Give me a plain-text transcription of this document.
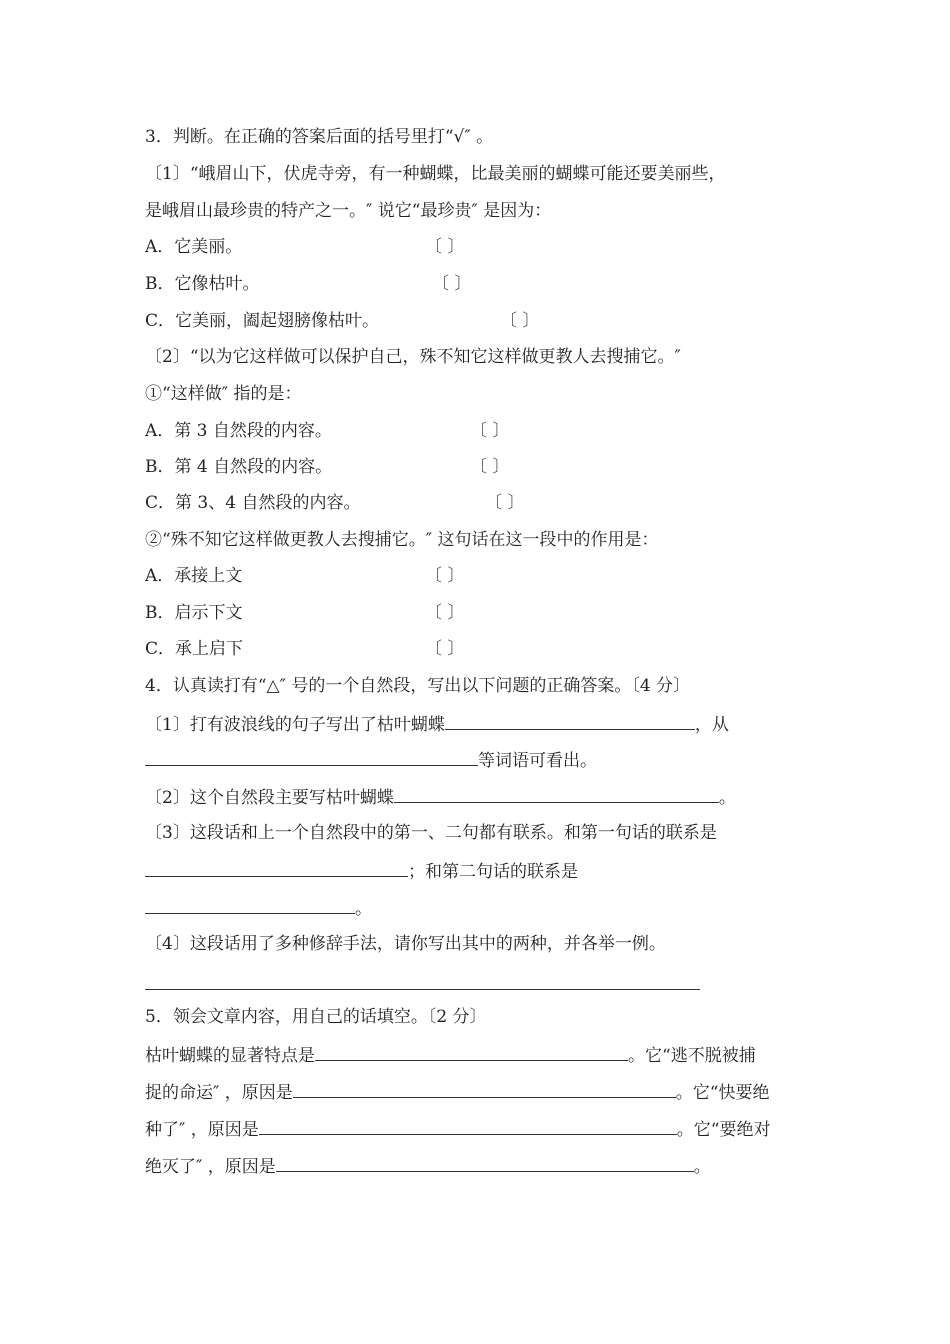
3．判断。在正确的答案后面的括号里打“√″ 。
〔1〕“峨眉山下，伏虎寺旁，有一种蝴蝶，比最美丽的蝴蝶可能还要美丽些，
是峨眉山最珍贵的特产之一。″ 说它“最珍贵″ 是因为：
A．它美丽。	〔 〕
B．它像枯叶。	〔 〕
C．它美丽，阖起翅膀像枯叶。	〔 〕
〔2〕“以为它这样做可以保护自己，殊不知它这样做更教人去搜捕它。″
①“这样做″ 指的是：
A．第 3 自然段的内容。	〔 〕
B．第 4 自然段的内容。	〔 〕
C．第 3、4 自然段的内容。	〔 〕
②“殊不知它这样做更教人去搜捕它。″ 这句话在这一段中的作用是：
A．承接上文	〔 〕
B．启示下文	〔 〕
C．承上启下	〔 〕
4．认真读打有“△″ 号的一个自然段，写出以下问题的正确答案。〔4 分〕
〔1〕打有波浪线的句子写出了枯叶蝴蝶	，从
等词语可看出。
〔2〕这个自然段主要写枯叶蝴蝶	。
〔3〕这段话和上一个自然段中的第一、二句都有联系。和第一句话的联系是
；和第二句话的联系是
。
〔4〕这段话用了多种修辞手法，请你写出其中的两种，并各举一例。
5．领会文章内容，用自己的话填空。〔2 分〕
枯叶蝴蝶的显著特点是	。它“逃不脱被捕
捉的命运″ ，原因是	。它“快要绝
种了″ ，原因是	。它“要绝对
绝灭了″ ，原因是	。
